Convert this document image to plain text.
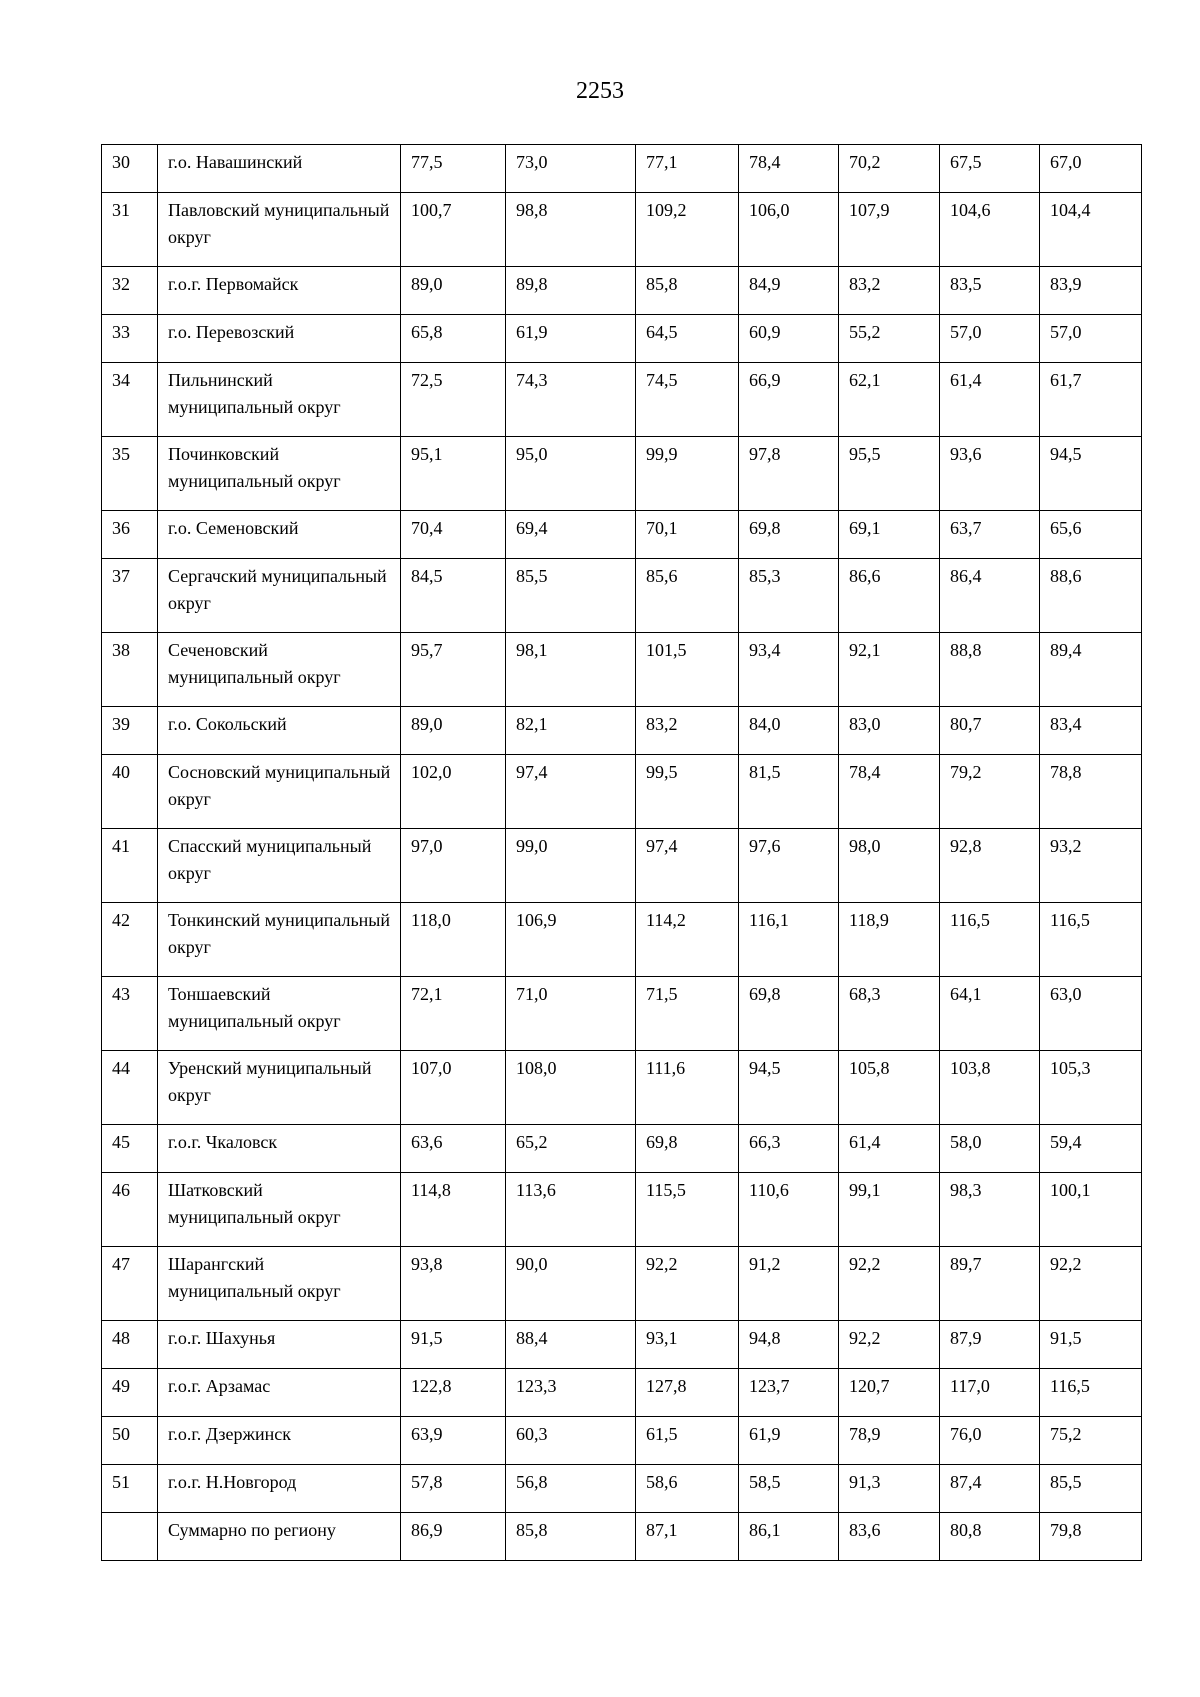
2253
30	г.о. Навашинский	77,5	73,0	77,1	78,4	70,2	67,5	67,0
31	Павловский муниципальный округ	100,7	98,8	109,2	106,0	107,9	104,6	104,4
32	г.о.г. Первомайск	89,0	89,8	85,8	84,9	83,2	83,5	83,9
33	г.о. Перевозский	65,8	61,9	64,5	60,9	55,2	57,0	57,0
34	Пильнинский муниципальный округ	72,5	74,3	74,5	66,9	62,1	61,4	61,7
35	Починковский муниципальный округ	95,1	95,0	99,9	97,8	95,5	93,6	94,5
36	г.о. Семеновский	70,4	69,4	70,1	69,8	69,1	63,7	65,6
37	Сергачский муниципальный округ	84,5	85,5	85,6	85,3	86,6	86,4	88,6
38	Сеченовский муниципальный округ	95,7	98,1	101,5	93,4	92,1	88,8	89,4
39	г.о. Сокольский	89,0	82,1	83,2	84,0	83,0	80,7	83,4
40	Сосновский муниципальный округ	102,0	97,4	99,5	81,5	78,4	79,2	78,8
41	Спасский муниципальный округ	97,0	99,0	97,4	97,6	98,0	92,8	93,2
42	Тонкинский муниципальный округ	118,0	106,9	114,2	116,1	118,9	116,5	116,5
43	Тоншаевский муниципальный округ	72,1	71,0	71,5	69,8	68,3	64,1	63,0
44	Уренский муниципальный округ	107,0	108,0	111,6	94,5	105,8	103,8	105,3
45	г.о.г. Чкаловск	63,6	65,2	69,8	66,3	61,4	58,0	59,4
46	Шатковский муниципальный округ	114,8	113,6	115,5	110,6	99,1	98,3	100,1
47	Шарангский муниципальный округ	93,8	90,0	92,2	91,2	92,2	89,7	92,2
48	г.о.г. Шахунья	91,5	88,4	93,1	94,8	92,2	87,9	91,5
49	г.о.г. Арзамас	122,8	123,3	127,8	123,7	120,7	117,0	116,5
50	г.о.г. Дзержинск	63,9	60,3	61,5	61,9	78,9	76,0	75,2
51	г.о.г. Н.Новгород	57,8	56,8	58,6	58,5	91,3	87,4	85,5
	Суммарно по региону	86,9	85,8	87,1	86,1	83,6	80,8	79,8
